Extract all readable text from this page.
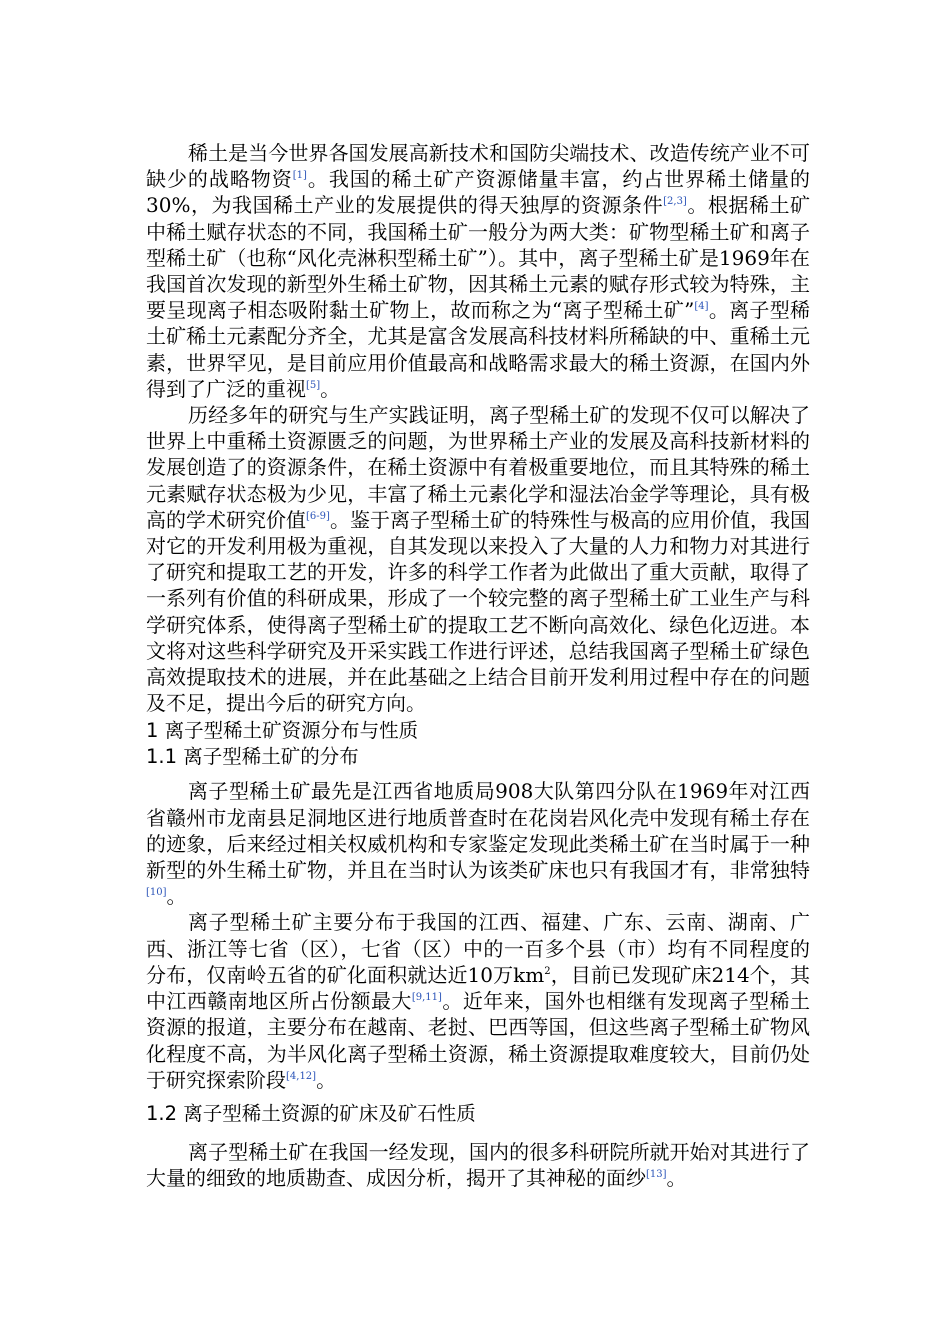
稀土是当今世界各国发展高新技术和国防尖端技术、改造传统产业不可缺少的战略物资[1]。我国的稀土矿产资源储量丰富，约占世界稀土储量的30%，为我国稀土产业的发展提供的得天独厚的资源条件[2,3]。根据稀土矿中稀土赋存状态的不同，我国稀土矿一般分为两大类：矿物型稀土矿和离子型稀土矿（也称“风化壳淋积型稀土矿”）。其中，离子型稀土矿是1969年在我国首次发现的新型外生稀土矿物，因其稀土元素的赋存形式较为特殊，主要呈现离子相态吸附黏土矿物上，故而称之为“离子型稀土矿”[4]。离子型稀土矿稀土元素配分齐全，尤其是富含发展高科技材料所稀缺的中、重稀土元素，世界罕见，是目前应用价值最高和战略需求最大的稀土资源，在国内外得到了广泛的重视[5]。

历经多年的研究与生产实践证明，离子型稀土矿的发现不仅可以解决了世界上中重稀土资源匮乏的问题，为世界稀土产业的发展及高科技新材料的发展创造了的资源条件，在稀土资源中有着极重要地位，而且其特殊的稀土元素赋存状态极为少见，丰富了稀土元素化学和湿法冶金学等理论，具有极高的学术研究价值[6-9]。鉴于离子型稀土矿的特殊性与极高的应用价值，我国对它的开发利用极为重视，自其发现以来投入了大量的人力和物力对其进行了研究和提取工艺的开发，许多的科学工作者为此做出了重大贡献，取得了一系列有价值的科研成果，形成了一个较完整的离子型稀土矿工业生产与科学研究体系，使得离子型稀土矿的提取工艺不断向高效化、绿色化迈进。本文将对这些科学研究及开采实践工作进行评述，总结我国离子型稀土矿绿色高效提取技术的进展，并在此基础之上结合目前开发利用过程中存在的问题及不足，提出今后的研究方向。

1 离子型稀土矿资源分布与性质
1.1 离子型稀土矿的分布

离子型稀土矿最先是江西省地质局908大队第四分队在1969年对江西省赣州市龙南县足洞地区进行地质普查时在花岗岩风化壳中发现有稀土存在的迹象，后来经过相关权威机构和专家鉴定发现此类稀土矿在当时属于一种新型的外生稀土矿物，并且在当时认为该类矿床也只有我国才有，非常独特[10]。

离子型稀土矿主要分布于我国的江西、福建、广东、云南、湖南、广西、浙江等七省（区），七省（区）中的一百多个县（市）均有不同程度的分布，仅南岭五省的矿化面积就达近10万$km^2$，目前已发现矿床214个，其中江西赣南地区所占份额最大[9,11]。近年来，国外也相继有发现离子型稀土资源的报道，主要分布在越南、老挝、巴西等国，但这些离子型稀土矿物风化程度不高，为半风化离子型稀土资源，稀土资源提取难度较大，目前仍处于研究探索阶段[4,12]。

1.2 离子型稀土资源的矿床及矿石性质

离子型稀土矿在我国一经发现，国内的很多科研院所就开始对其进行了大量的细致的地质勘查、成因分析，揭开了其神秘的面纱[13]。
